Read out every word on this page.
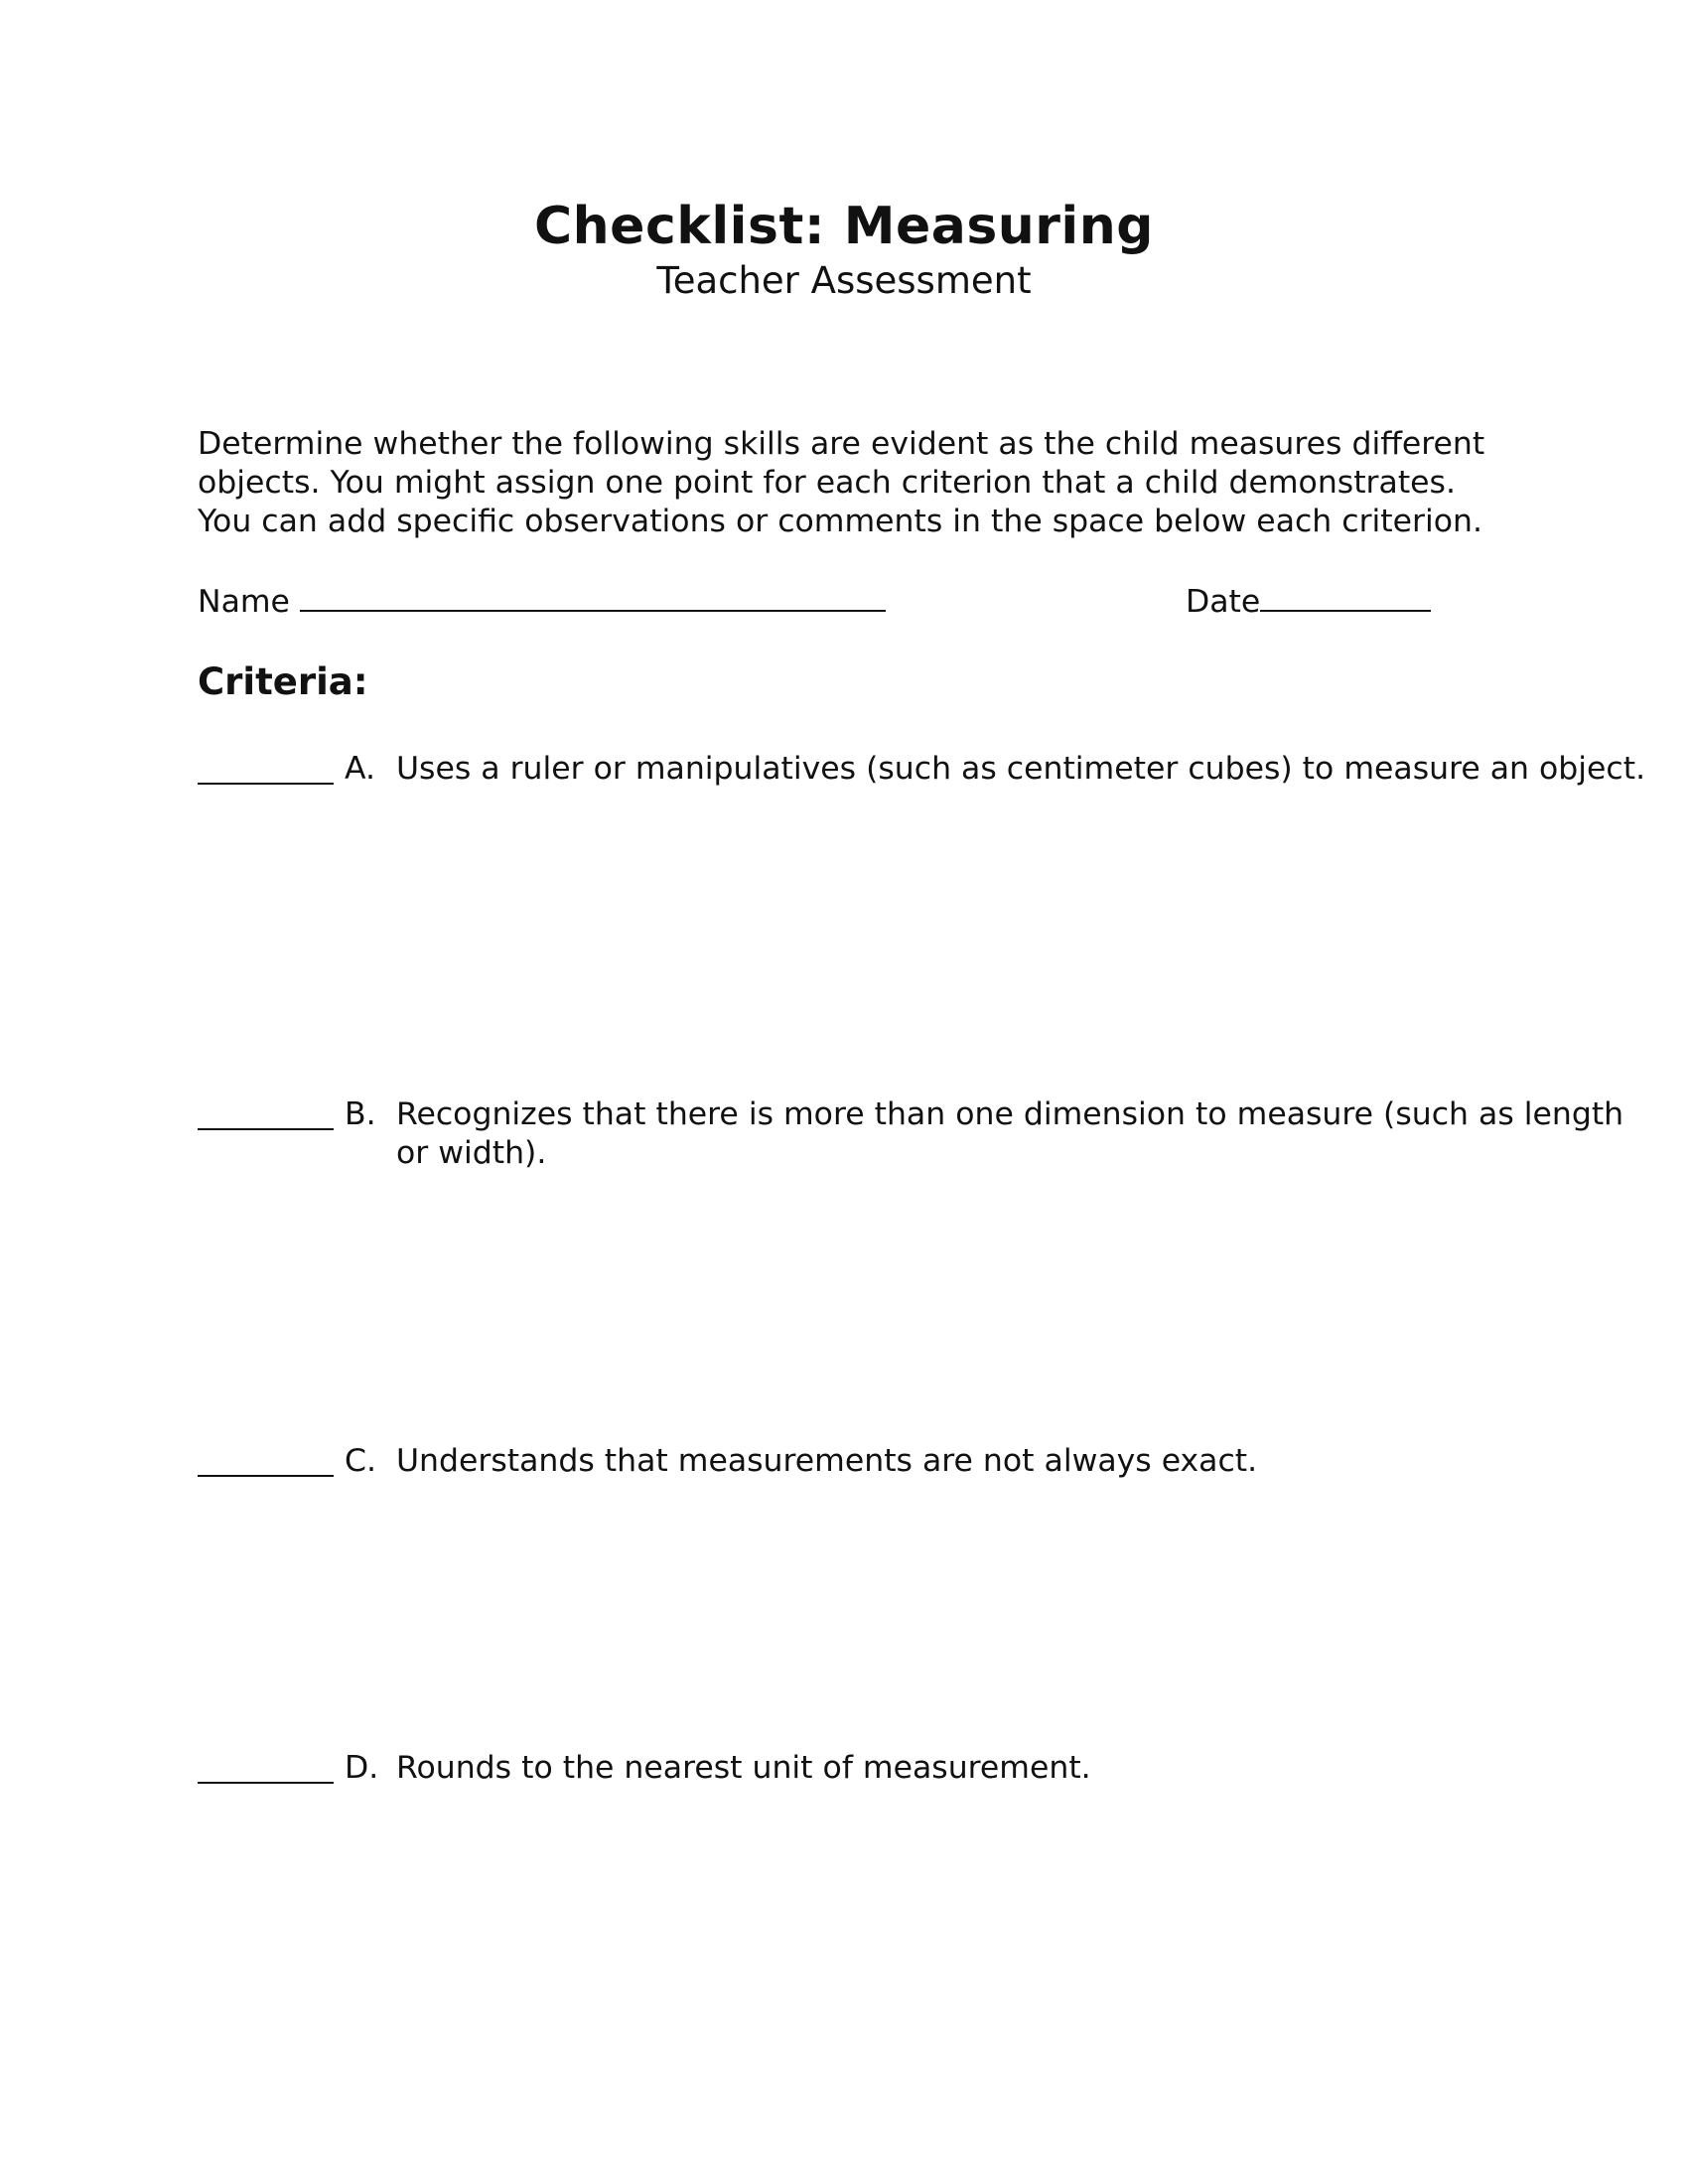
Checklist: Measuring
Teacher Assessment

Determine whether the following skills are evident as the child measures different objects. You might assign one point for each criterion that a child demonstrates. You can add specific observations or comments in the space below each criterion.

Name	Date
Criteria:
A. Uses a ruler or manipulatives (such as centimeter cubes) to measure an object.
B. Recognizes that there is more than one dimension to measure (such as length or width).
C. Understands that measurements are not always exact.
D. Rounds to the nearest unit of measurement.
